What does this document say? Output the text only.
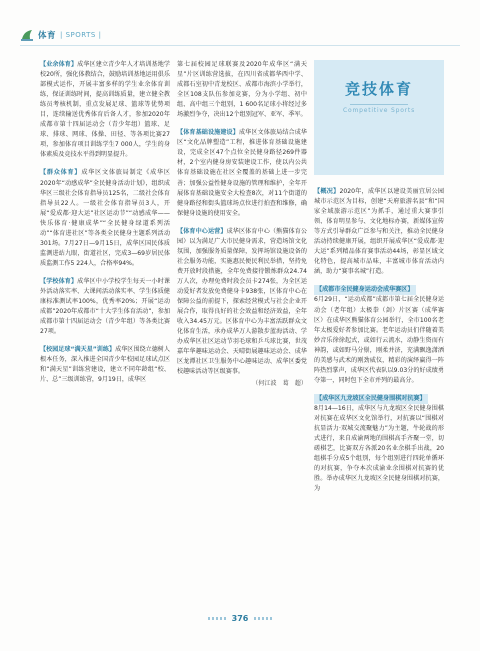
体育 | SPORTS |

【业余体育】成华区建立青少年人才培训基地学校20所，强化体教结合，鼓励培训基地运用俱乐部模式运作，开展丰富多样的学生业余体育训练，保证训练时间，提高训练质量，建立健全教练员考核机制，重点发展足球、篮球等优势项目，连续输送优秀体育后备人才，参加2020年成都市第十四届运动会（青少年组）篮球、足球、排球、网球、体操、田径、等各项比赛27项，参加体育项目训练学生7 000人，学生的身体素质及竞技水平得到明显提升。

【群众体育】成华区文体旅局制定《成华区2020年“动感成华”全民健身活动计划》，组织成华区三级社会体育指导员125名，二级社会体育指导员22人。一级社会体育指导员3人，开展“爱成都·迎大运”社区运动节”“动感成华——快乐体育·健康成华”“全民健身绿道系列活动”“体育进社区”等各类全民健身主题系列活动301场。7月27日—9月15日，成华区国民体质监测进站九眼，街道社区，完成3—69岁居民体质监测工作5 224人，合格率94%。

【学校体育】成华区中小学校学生每天一小时课外活动落实率、大课间活动落实率、学生体质健康标准测试率100%，优秀率20%；开展“运动成都”2020年成都市“十大学生体育活动”，参加成都市第十四届运动会（青少年组）等各类比赛27项。

【校园足球“满天星”训练】成华区围绕立德树人根本任务，深入推进全国青少年校园足球试点区和“满天星”训练营建设，建立不同年龄组“校、片、总”三级训练营，9月19日，成华区

第七届校园足球联赛及2020年成华区“满天星”片区训练营选拔，在四川省成都华西中学、成都石室初中青龙校区、成都市海滨小学举行，全区108支队伍参加竞赛，分为小学组、初中组、高中组三个组别，1 600名足球小将经过多场激烈争夺，决出12个组别冠军、亚军、季军。

【体育基础设施建设】成华区文体旅局结合成华区“文化品牌塑造”工程，推进体育基础设施建设，完成全区47个点位全民健身路径269件器材，2个室内健身房安装建设工作，使以内公共体育基础设施在社区全覆盖的基础上进一步完善；加强公益性健身设施的管理和维护，全年开展体育基础设施安全大检查8次，对11个街道的健身路径和街头篮球场点位进行拍查和维修，确保健身设施的使用安全。

【体育中心运营】成华区体育中心（熊猫体育公园）以为满足广大市民健身需求，营造场馆文化氛围，加强服务质量保障，发挥场馆设施设备的社会服务功能，实施惠民便民利民举措，坚持免费开放时段措施，全年免费接待锻炼群众24.74万人次，办理免费时段会员卡274张，为全区运动爱好者发放免费健身卡938张，区体育中心在保障公益的前提下，探索经营模式与社会企业开展合作，取得良好的社会效益和经济效益，全年收入34.45万元。区体育中心为丰富活跃群众文化体育生活，承办成华万人游散步蓝海活动、学办成华区社区运动节羽毛球和乒乓球比赛，世茂嘉年华趣味运动会、天晴街展趣味运动会、成华区龙潭社区卫生服务中心趣味运动、成华区委党校趣味活动等区级赛事。

（何江波　葛　超）

竞技体育
Competitive Sports

【概况】2020年，成华区以建设美丽宜居公园城市示范区为目标，创建“天府旅游名县”和“国家全域旅游示范区”为抓手，通过重大赛事引领、体育明星参与、文化地标办赛，新媒体宣传等方式引导群众广泛参与和关注，推动全民健身活动持续健康开展，组织开展成华区“爱成都·迎大运”系列精品体育赛事活动44场，彰显区域文化特色，提高城市品味，丰富城市体育活动内涵，助力“赛事名城”打造。

【成都市全民健身运动会成华赛区】

6月29日，“运动成都”成都市第七届全民健身运动会（老年组）太极拳（剑）片区赛（成华赛区）在成华区熊猫体育公园举行，全市100名老年太极爱好者参加比赛。老年运动员们伴随着美妙音乐徐徐起式，或如行云流水，动静生资而有神韵，或如野马分鬃，刚柔并济，充满飘逸潇洒的美感与武术的刚劲威仪，精彩的演绎赢得一阵阵热烈掌声，成华区代表队以9.03分的好成绩勇夺第一，同时包下全市并列的最高分。

【成华区九龙坡区全民健身围棋对抗赛】

8月14—16日，成华区与九龙坡区全民健身围棋对抗赛在成华区文化馆举行，对抗赛以“围棋对抗显活力·双城交流聚魅力”为主题，牛轮战的形式进行，来自成渝两地的围棋高手齐聚一堂，切磋棋艺，比赛双方各派20名业余棋手出战，20组棋手分成5个组别，每个组别进行四轮单循环的对抗赛，争夺本次成渝业余围棋对抗赛的优胜。举办成华区九龙坡区全民健身围棋对抗赛，为

376
